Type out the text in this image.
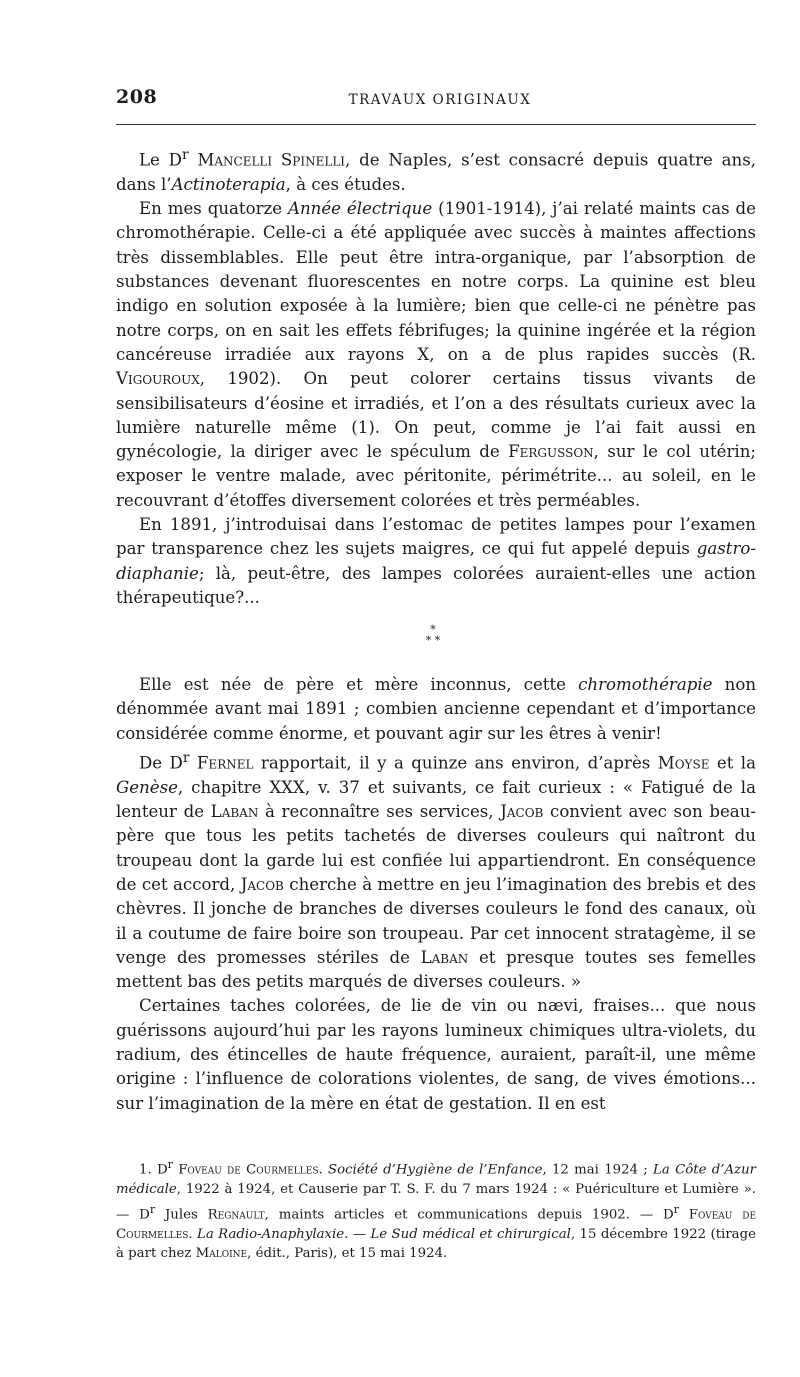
208	TRAVAUX ORIGINAUX

Le $D^r$ Mancelli Spinelli, de Naples, s’est consacré depuis quatre ans, dans l’Actinoterapia, à ces études.

En mes quatorze Année électrique (1901-1914), j’ai relaté maints cas de chromothérapie. Celle-ci a été appliquée avec succès à maintes affections très dissemblables. Elle peut être intra-organique, par l’absorption de substances devenant fluorescentes en notre corps. La quinine est bleu indigo en solution exposée à la lumière; bien que celle-ci ne pénètre pas notre corps, on en sait les effets fébrifuges; la quinine ingérée et la région cancéreuse irradiée aux rayons X, on a de plus rapides succès (R. Vigouroux, 1902). On peut colorer certains tissus vivants de sensibilisateurs d’éosine et irradiés, et l’on a des résultats curieux avec la lumière naturelle même (1). On peut, comme je l’ai fait aussi en gynécologie, la diriger avec le spéculum de Fergusson, sur le col utérin; exposer le ventre malade, avec péritonite, périmétrite... au soleil, en le recouvrant d’étoffes diversement colorées et très perméables.

En 1891, j’introduisai dans l’estomac de petites lampes pour l’examen par transparence chez les sujets maigres, ce qui fut appelé depuis gastro-diaphanie; là, peut-être, des lampes colorées auraient-elles une action thérapeutique?...

*
* *

Elle est née de père et mère inconnus, cette chromothérapie non dénommée avant mai 1891 ; combien ancienne cependant et d’importance considérée comme énorme, et pouvant agir sur les êtres à venir!

De $D^r$ Fernel rapportait, il y a quinze ans environ, d’après Moyse et la Genèse, chapitre XXX, v. 37 et suivants, ce fait curieux : « Fatigué de la lenteur de Laban à reconnaître ses services, Jacob convient avec son beau-père que tous les petits tachetés de diverses couleurs qui naîtront du troupeau dont la garde lui est confiée lui appartiendront. En conséquence de cet accord, Jacob cherche à mettre en jeu l’imagination des brebis et des chèvres. Il jonche de branches de diverses couleurs le fond des canaux, où il a coutume de faire boire son troupeau. Par cet innocent stratagème, il se venge des promesses stériles de Laban et presque toutes ses femelles mettent bas des petits marqués de diverses couleurs. »

Certaines taches colorées, de lie de vin ou nævi, fraises... que nous guérissons aujourd’hui par les rayons lumineux chimiques ultra-violets, du radium, des étincelles de haute fréquence, auraient, paraît-il, une même origine : l’influence de colorations violentes, de sang, de vives émotions... sur l’imagination de la mère en état de gestation. Il en est

1. $D^r$ Foveau de Courmelles. Société d’Hygiène de l’Enfance, 12 mai 1924 ; La Côte d’Azur médicale, 1922 à 1924, et Causerie par T. S. F. du 7 mars 1924 : « Puériculture et Lumière ». — $D^r$ Jules Regnault, maints articles et communications depuis 1902. — $D^r$ Foveau de Courmelles. La Radio-Anaphylaxie. — Le Sud médical et chirurgical, 15 décembre 1922 (tirage à part chez Maloine, édit., Paris), et 15 mai 1924.
